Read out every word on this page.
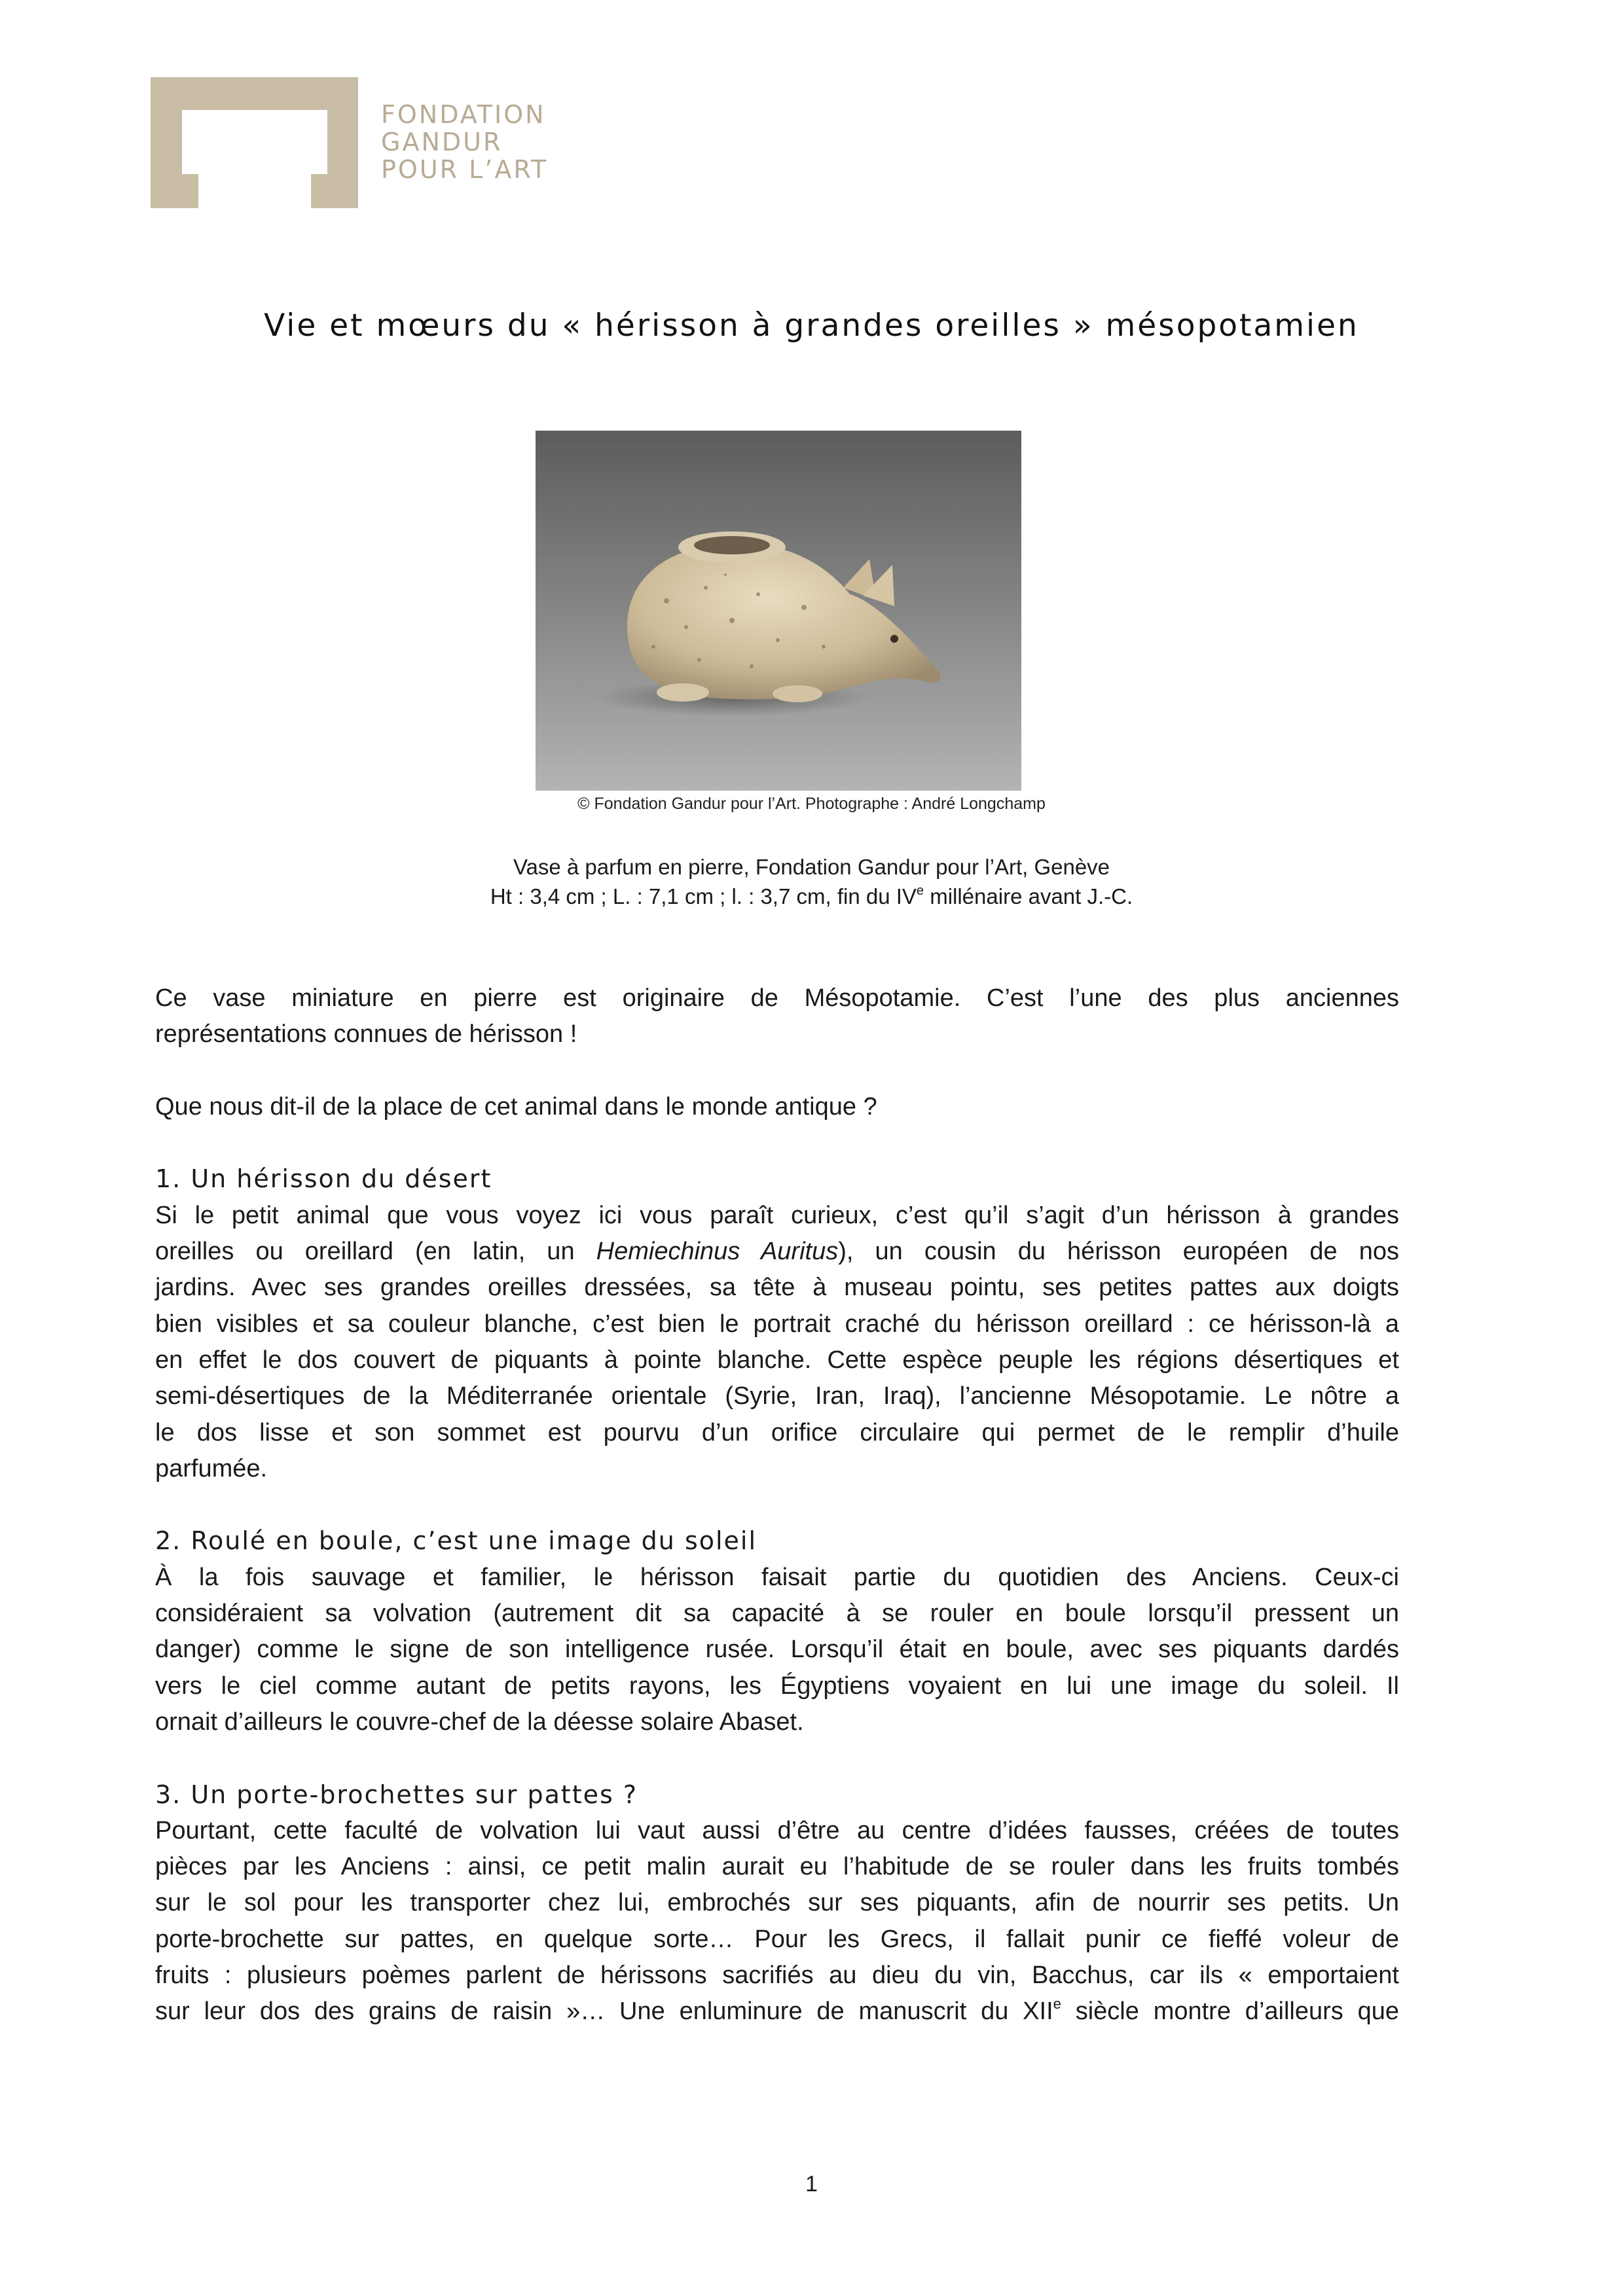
FONDATION
GANDUR
POUR L’ART
Vie et mœurs du « hérisson à grandes oreilles » mésopotamien
© Fondation Gandur pour l’Art. Photographe : André Longchamp
Vase à parfum en pierre, Fondation Gandur pour l’Art, Genève
Ht : 3,4 cm ; L. : 7,1 cm ; l. : 3,7 cm, fin du IVe millénaire avant J.-C.
Ce vase miniature en pierre est originaire de Mésopotamie. C’est l’une des plus anciennes
représentations connues de hérisson !
Que nous dit-il de la place de cet animal dans le monde antique ?
1. Un hérisson du désert
Si le petit animal que vous voyez ici vous paraît curieux, c’est qu’il s’agit d’un hérisson à grandes
oreilles ou oreillard (en latin, un Hemiechinus Auritus), un cousin du hérisson européen de nos
jardins. Avec ses grandes oreilles dressées, sa tête à museau pointu, ses petites pattes aux doigts
bien visibles et sa couleur blanche, c’est bien le portrait craché du hérisson oreillard : ce hérisson-là a
en effet le dos couvert de piquants à pointe blanche. Cette espèce peuple les régions désertiques et
semi-désertiques de la Méditerranée orientale (Syrie, Iran, Iraq), l’ancienne Mésopotamie. Le nôtre a
le dos lisse et son sommet est pourvu d’un orifice circulaire qui permet de le remplir d’huile
parfumée.
2. Roulé en boule, c’est une image du soleil
À la fois sauvage et familier, le hérisson faisait partie du quotidien des Anciens. Ceux-ci
considéraient sa volvation (autrement dit sa capacité à se rouler en boule lorsqu’il pressent un
danger) comme le signe de son intelligence rusée. Lorsqu’il était en boule, avec ses piquants dardés
vers le ciel comme autant de petits rayons, les Égyptiens voyaient en lui une image du soleil. Il
ornait d’ailleurs le couvre-chef de la déesse solaire Abaset.
3. Un porte-brochettes sur pattes ?
Pourtant, cette faculté de volvation lui vaut aussi d’être au centre d’idées fausses, créées de toutes
pièces par les Anciens : ainsi, ce petit malin aurait eu l’habitude de se rouler dans les fruits tombés
sur le sol pour les transporter chez lui, embrochés sur ses piquants, afin de nourrir ses petits. Un
porte-brochette sur pattes, en quelque sorte… Pour les Grecs, il fallait punir ce fieffé voleur de
fruits : plusieurs poèmes parlent de hérissons sacrifiés au dieu du vin, Bacchus, car ils « emportaient
sur leur dos des grains de raisin »… Une enluminure de manuscrit du XIIe siècle montre d’ailleurs que
1
